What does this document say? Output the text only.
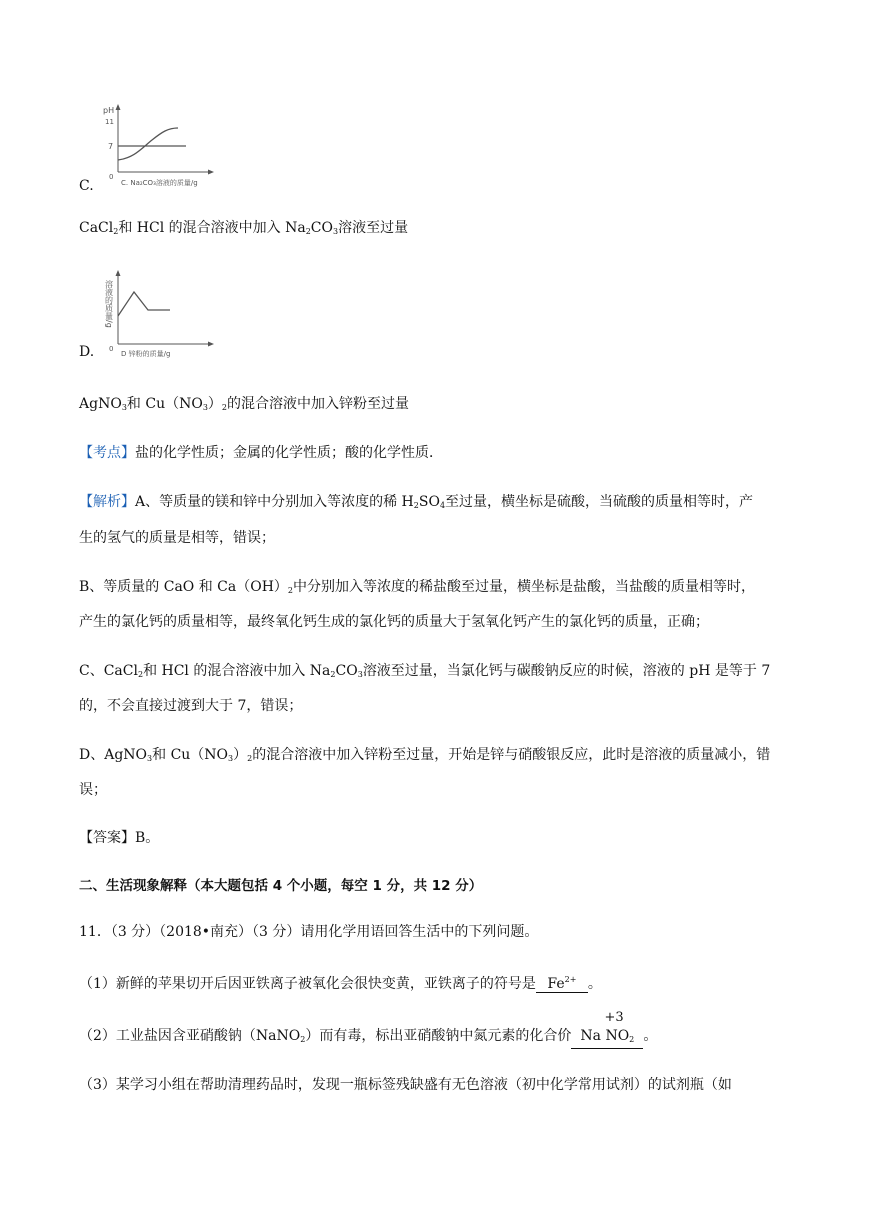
pH
11
7
0
C. Na₂CO₃溶液的质量/g
C.
CaCl$_2$和 HCl 的混合溶液中加入 $Na_2CO_3$溶液至过量
溶液的质量/g
0
D 锌粉的质量/g
D.
AgNO$_3$和 $Cu(NO_3)_2$的混合溶液中加入锌粉至过量
【考点】盐的化学性质；金属的化学性质；酸的化学性质．
【解析】A、等质量的镁和锌中分别加入等浓度的稀 $H_2SO_4$至过量，横坐标是硫酸，当硫酸的质量相等时，产
生的氢气的质量是相等，错误；
B、等质量的 CaO 和 $Ca(OH)_2$中分别加入等浓度的稀盐酸至过量，横坐标是盐酸，当盐酸的质量相等时，
产生的氯化钙的质量相等，最终氧化钙生成的氯化钙的质量大于氢氧化钙产生的氯化钙的质量，正确；
C、CaCl$_2$和 HCl 的混合溶液中加入 $Na_2CO_3$溶液至过量，当氯化钙与碳酸钠反应的时候，溶液的 pH 是等于 7
的，不会直接过渡到大于 7，错误；
D、AgNO$_3$和 $Cu(NO_3)_2$的混合溶液中加入锌粉至过量，开始是锌与硝酸银反应，此时是溶液的质量减小，错
误；
【答案】B。
二、生活现象解释（本大题包括 4 个小题，每空 1 分，共 12 分）
11．（3 分）（2018•南充）（3 分）请用化学用语回答生活中的下列问题。
（1）新鲜的苹果切开后因亚铁离子被氧化会很快变黄，亚铁离子的符号是 $Fe^{2+}$ 。
（2）工业盐因含亚硝酸钠（NaNO$_2$）而有毒，标出亚硝酸钠中氮元素的化合价 Na
+3
$NO_2$ 。
（3）某学习小组在帮助清理药品时，发现一瓶标签残缺盛有无色溶液（初中化学常用试剂）的试剂瓶（如
